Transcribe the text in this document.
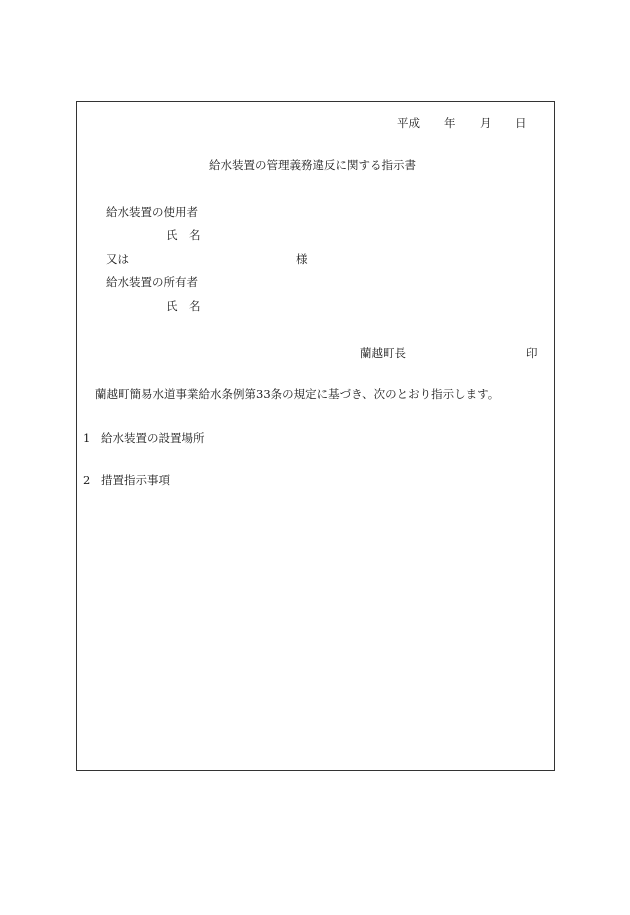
平成 年 月 日
給水装置の管理義務違反に関する指示書
給水装置の使用者
氏　名
又は	様
給水装置の所有者
氏　名
蘭越町長	印
蘭越町簡易水道事業給水条例第33条の規定に基づき、次のとおり指示します。
1 給水装置の設置場所
2 措置指示事項
